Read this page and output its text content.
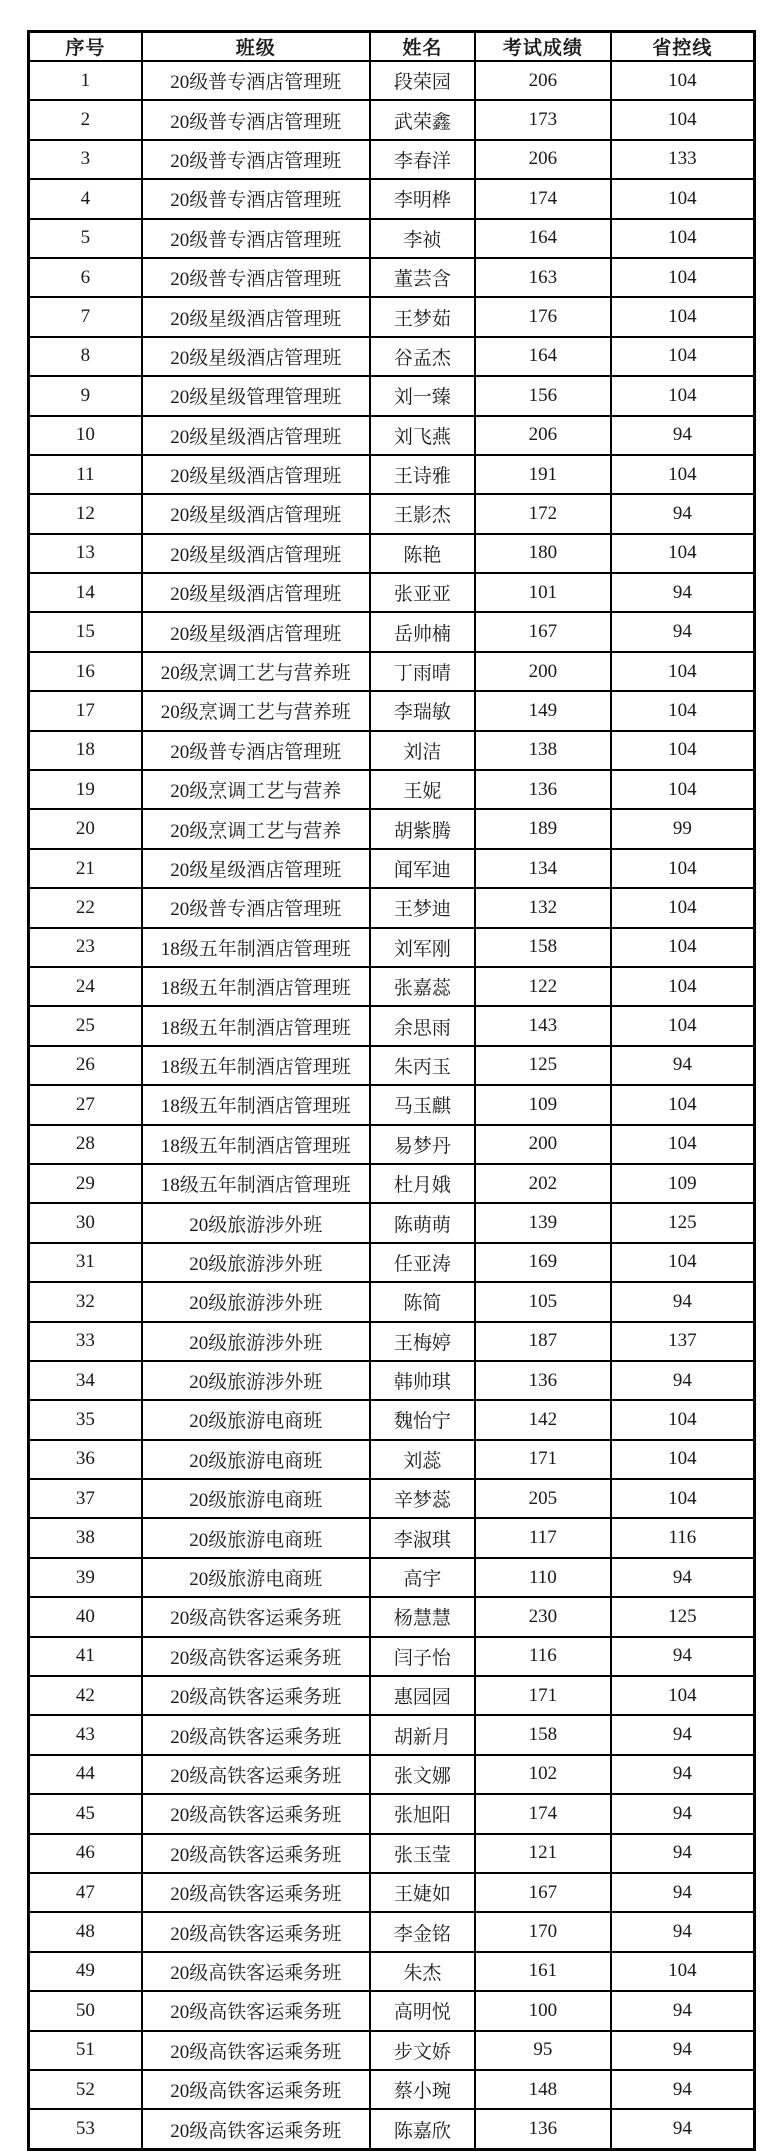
序号	班级	姓名	考试成绩	省控线
1	20级普专酒店管理班	段荣园	206	104
2	20级普专酒店管理班	武荣鑫	173	104
3	20级普专酒店管理班	李春洋	206	133
4	20级普专酒店管理班	李明桦	174	104
5	20级普专酒店管理班	李祯	164	104
6	20级普专酒店管理班	董芸含	163	104
7	20级星级酒店管理班	王梦茹	176	104
8	20级星级酒店管理班	谷孟杰	164	104
9	20级星级管理管理班	刘一臻	156	104
10	20级星级酒店管理班	刘飞燕	206	94
11	20级星级酒店管理班	王诗雅	191	104
12	20级星级酒店管理班	王影杰	172	94
13	20级星级酒店管理班	陈艳	180	104
14	20级星级酒店管理班	张亚亚	101	94
15	20级星级酒店管理班	岳帅楠	167	94
16	20级烹调工艺与营养班	丁雨晴	200	104
17	20级烹调工艺与营养班	李瑞敏	149	104
18	20级普专酒店管理班	刘洁	138	104
19	20级烹调工艺与营养	王妮	136	104
20	20级烹调工艺与营养	胡紫腾	189	99
21	20级星级酒店管理班	闻军迪	134	104
22	20级普专酒店管理班	王梦迪	132	104
23	18级五年制酒店管理班	刘军刚	158	104
24	18级五年制酒店管理班	张嘉蕊	122	104
25	18级五年制酒店管理班	余思雨	143	104
26	18级五年制酒店管理班	朱丙玉	125	94
27	18级五年制酒店管理班	马玉麒	109	104
28	18级五年制酒店管理班	易梦丹	200	104
29	18级五年制酒店管理班	杜月娥	202	109
30	20级旅游涉外班	陈萌萌	139	125
31	20级旅游涉外班	任亚涛	169	104
32	20级旅游涉外班	陈简	105	94
33	20级旅游涉外班	王梅婷	187	137
34	20级旅游涉外班	韩帅琪	136	94
35	20级旅游电商班	魏怡宁	142	104
36	20级旅游电商班	刘蕊	171	104
37	20级旅游电商班	辛梦蕊	205	104
38	20级旅游电商班	李淑琪	117	116
39	20级旅游电商班	高宇	110	94
40	20级高铁客运乘务班	杨慧慧	230	125
41	20级高铁客运乘务班	闫子怡	116	94
42	20级高铁客运乘务班	惠园园	171	104
43	20级高铁客运乘务班	胡新月	158	94
44	20级高铁客运乘务班	张文娜	102	94
45	20级高铁客运乘务班	张旭阳	174	94
46	20级高铁客运乘务班	张玉莹	121	94
47	20级高铁客运乘务班	王婕如	167	94
48	20级高铁客运乘务班	李金铭	170	94
49	20级高铁客运乘务班	朱杰	161	104
50	20级高铁客运乘务班	高明悦	100	94
51	20级高铁客运乘务班	步文娇	95	94
52	20级高铁客运乘务班	蔡小琬	148	94
53	20级高铁客运乘务班	陈嘉欣	136	94
